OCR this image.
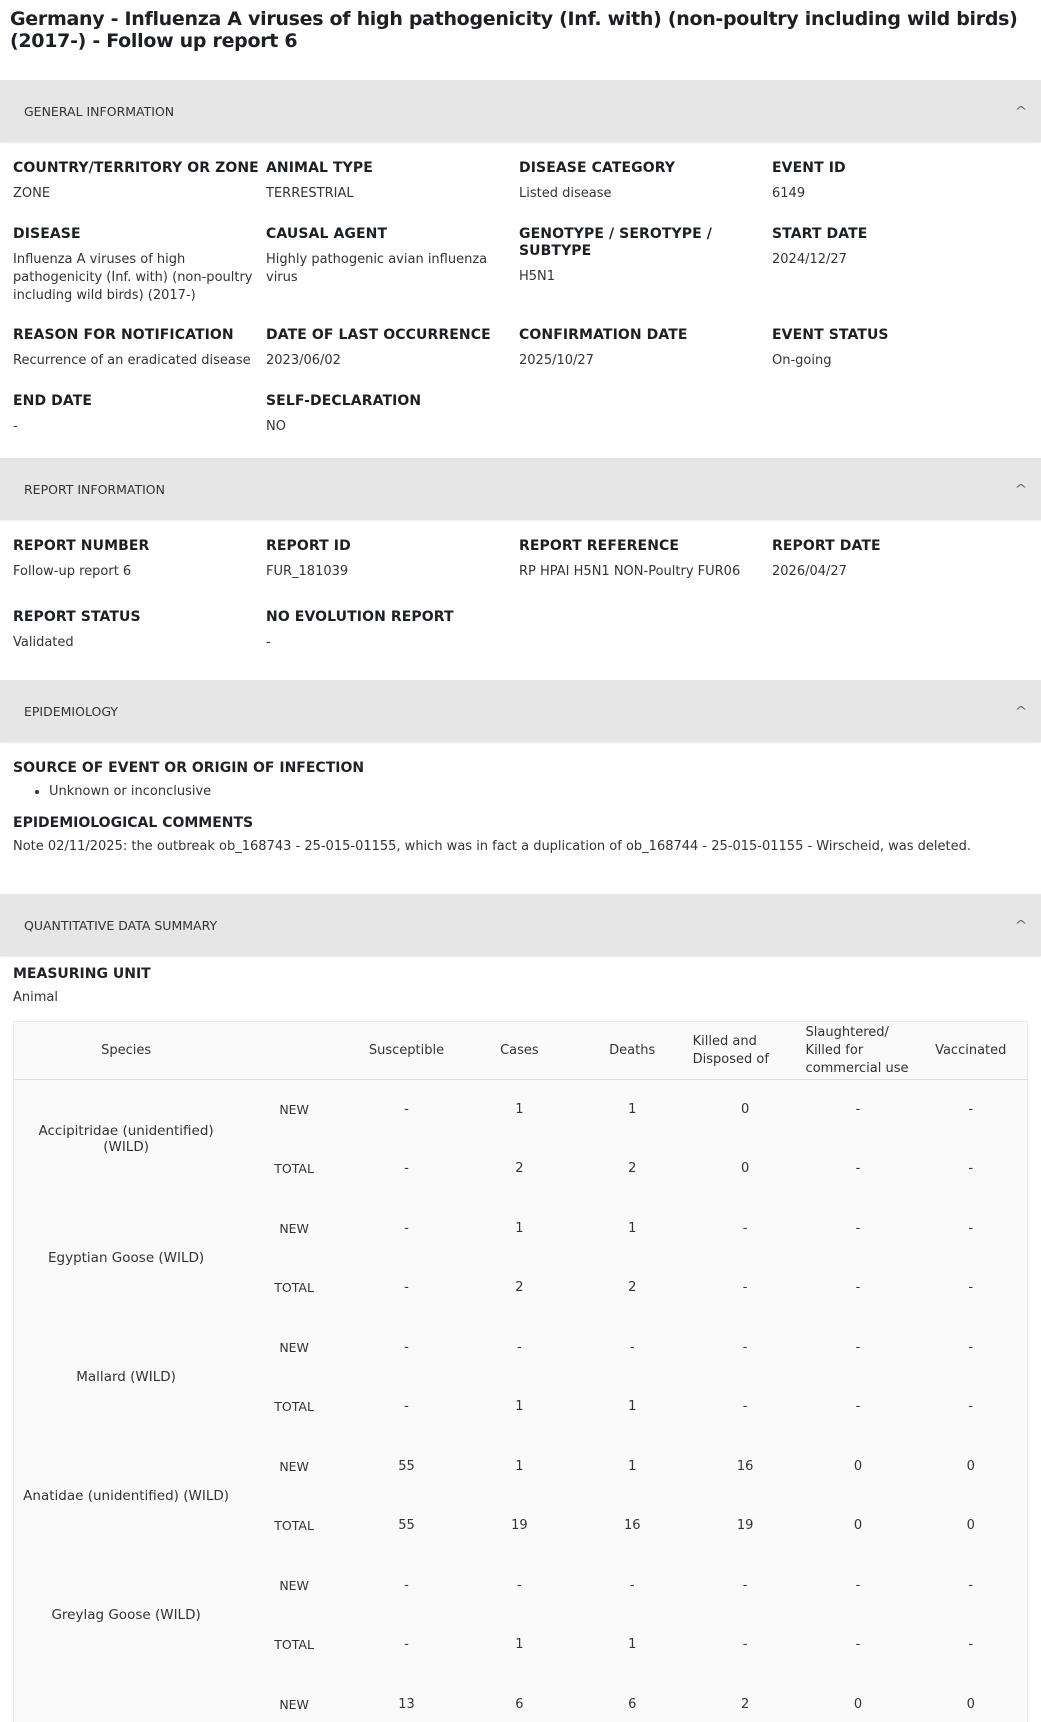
Germany - Influenza A viruses of high pathogenicity (Inf. with) (non-poultry including wild birds) (2017-) - Follow up report 6
GENERAL INFORMATION	^
COUNTRY/TERRITORY OR ZONE
ZONE
ANIMAL TYPE
TERRESTRIAL
DISEASE CATEGORY
Listed disease
EVENT ID
6149
DISEASE
Influenza A viruses of high pathogenicity (Inf. with) (non-poultry including wild birds) (2017-)
CAUSAL AGENT
Highly pathogenic avian influenza virus
GENOTYPE / SEROTYPE / SUBTYPE
H5N1
START DATE
2024/12/27
REASON FOR NOTIFICATION
Recurrence of an eradicated disease
DATE OF LAST OCCURRENCE
2023/06/02
CONFIRMATION DATE
2025/10/27
EVENT STATUS
On-going
END DATE
-
SELF-DECLARATION
NO
REPORT INFORMATION	^
REPORT NUMBER
Follow-up report 6
REPORT ID
FUR_181039
REPORT REFERENCE
RP HPAI H5N1 NON-Poultry FUR06
REPORT DATE
2026/04/27
REPORT STATUS
Validated
NO EVOLUTION REPORT
-
EPIDEMIOLOGY	^
SOURCE OF EVENT OR ORIGIN OF INFECTION
• Unknown or inconclusive
EPIDEMIOLOGICAL COMMENTS
Note 02/11/2025: the outbreak ob_168743 - 25-015-01155, which was in fact a duplication of ob_168744 - 25-015-01155 - Wirscheid, was deleted.
QUANTITATIVE DATA SUMMARY	^
MEASURING UNIT
Animal
Species		Susceptible	Cases	Deaths	Killed and Disposed of	Slaughtered/ Killed for commercial use	Vaccinated
Accipitridae (unidentified) (WILD)	NEW	-	1	1	0	-	-
	TOTAL	-	2	2	0	-	-
Egyptian Goose (WILD)	NEW	-	1	1	-	-	-
	TOTAL	-	2	2	-	-	-
Mallard (WILD)	NEW	-	-	-	-	-	-
	TOTAL	-	1	1	-	-	-
Anatidae (unidentified) (WILD)	NEW	55	1	1	16	0	0
	TOTAL	55	19	16	19	0	0
Greylag Goose (WILD)	NEW	-	-	-	-	-	-
	TOTAL	-	1	1	-	-	-
	NEW	13	6	6	2	0	0
